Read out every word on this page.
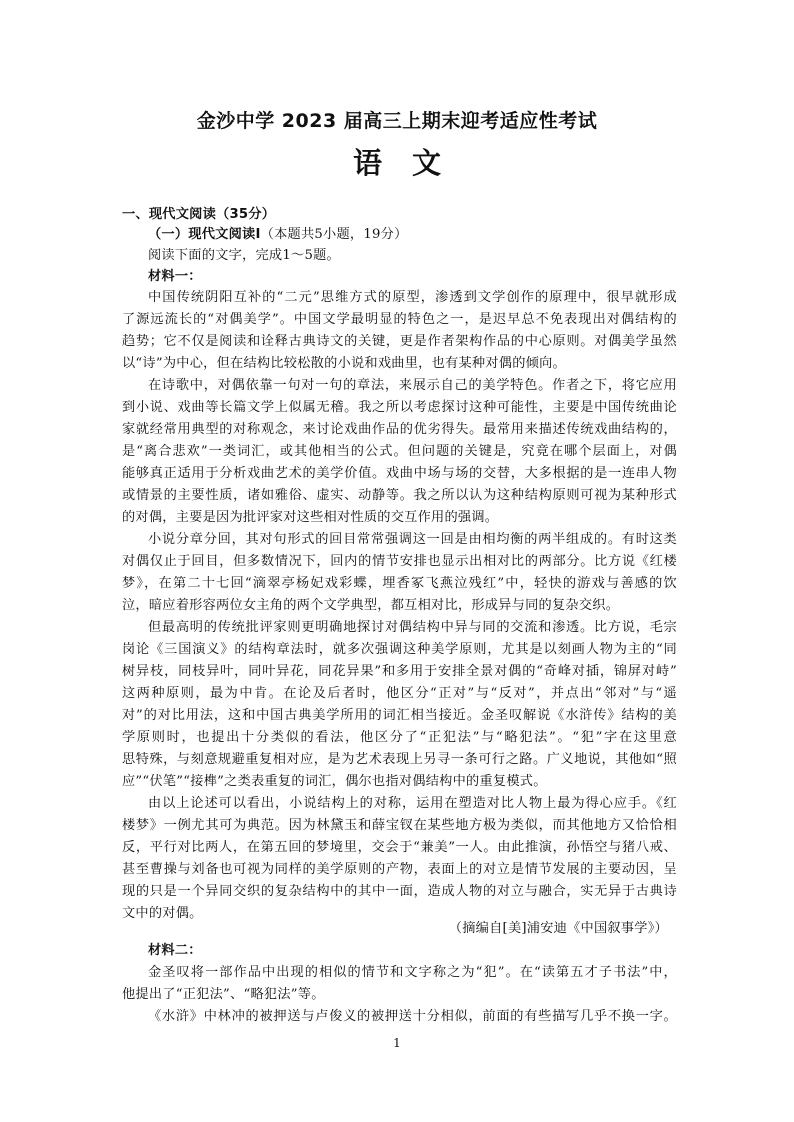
金沙中学 2023 届高三上期末迎考适应性考试
语文
一、现代文阅读（35分）
（一）现代文阅读Ⅰ（本题共5小题，19分）
阅读下面的文字，完成1～5题。
材料一：
中国传统阴阳互补的“二元”思维方式的原型，渗透到文学创作的原理中，很早就形成
了源远流长的“对偶美学”。中国文学最明显的特色之一，是迟早总不免表现出对偶结构的
趋势；它不仅是阅读和诠释古典诗文的关键，更是作者架构作品的中心原则。对偶美学虽然
以“诗”为中心，但在结构比较松散的小说和戏曲里，也有某种对偶的倾向。
在诗歌中，对偶依靠一句对一句的章法，来展示自己的美学特色。作者之下，将它应用
到小说、戏曲等长篇文学上似属无稽。我之所以考虑探讨这种可能性，主要是中国传统曲论
家就经常用典型的对称观念，来讨论戏曲作品的优劣得失。最常用来描述传统戏曲结构的，
是“离合悲欢”一类词汇，或其他相当的公式。但问题的关键是，究竟在哪个层面上，对偶
能够真正适用于分析戏曲艺术的美学价值。戏曲中场与场的交替，大多根据的是一连串人物
或情景的主要性质，诸如雅俗、虚实、动静等。我之所以认为这种结构原则可视为某种形式
的对偶，主要是因为批评家对这些相对性质的交互作用的强调。
小说分章分回，其对句形式的回目常常强调这一回是由相均衡的两半组成的。有时这类
对偶仅止于回目，但多数情况下，回内的情节安排也显示出相对比的两部分。比方说《红楼
梦》，在第二十七回“滴翠亭杨妃戏彩蝶，埋香冢飞燕泣残红”中，轻快的游戏与善感的饮
泣，暗应着形容两位女主角的两个文学典型，都互相对比，形成异与同的复杂交织。
但最高明的传统批评家则更明确地探讨对偶结构中异与同的交流和渗透。比方说，毛宗
岗论《三国演义》的结构章法时，就多次强调这种美学原则，尤其是以刻画人物为主的“同
树异枝，同枝异叶，同叶异花，同花异果”和多用于安排全景对偶的“奇峰对插，锦屏对峙”
这两种原则，最为中肯。在论及后者时，他区分“正对”与“反对”，并点出“邻对”与“遥
对”的对比用法，这和中国古典美学所用的词汇相当接近。金圣叹解说《水浒传》结构的美
学原则时，也提出十分类似的看法，他区分了“正犯法”与“略犯法”。“犯”字在这里意
思特殊，与刻意规避重复相对应，是为艺术表现上另寻一条可行之路。广义地说，其他如“照
应”“伏笔”“接榫”之类表重复的词汇，偶尔也指对偶结构中的重复模式。
由以上论述可以看出，小说结构上的对称，运用在塑造对比人物上最为得心应手。《红
楼梦》一例尤其可为典范。因为林黛玉和薛宝钗在某些地方极为类似，而其他地方又恰恰相
反，平行对比两人，在第五回的梦境里，交会于“兼美”一人。由此推演，孙悟空与猪八戒、
甚至曹操与刘备也可视为同样的美学原则的产物，表面上的对立是情节发展的主要动因，呈
现的只是一个异同交织的复杂结构中的其中一面，造成人物的对立与融合，实无异于古典诗
文中的对偶。
（摘编自[美]浦安迪《中国叙事学》）
材料二：
金圣叹将一部作品中出现的相似的情节和文字称之为“犯”。在“读第五才子书法”中，
他提出了“正犯法”、“略犯法”等。
《水浒》中林冲的被押送与卢俊义的被押送十分相似，前面的有些描写几乎不换一字。
1
